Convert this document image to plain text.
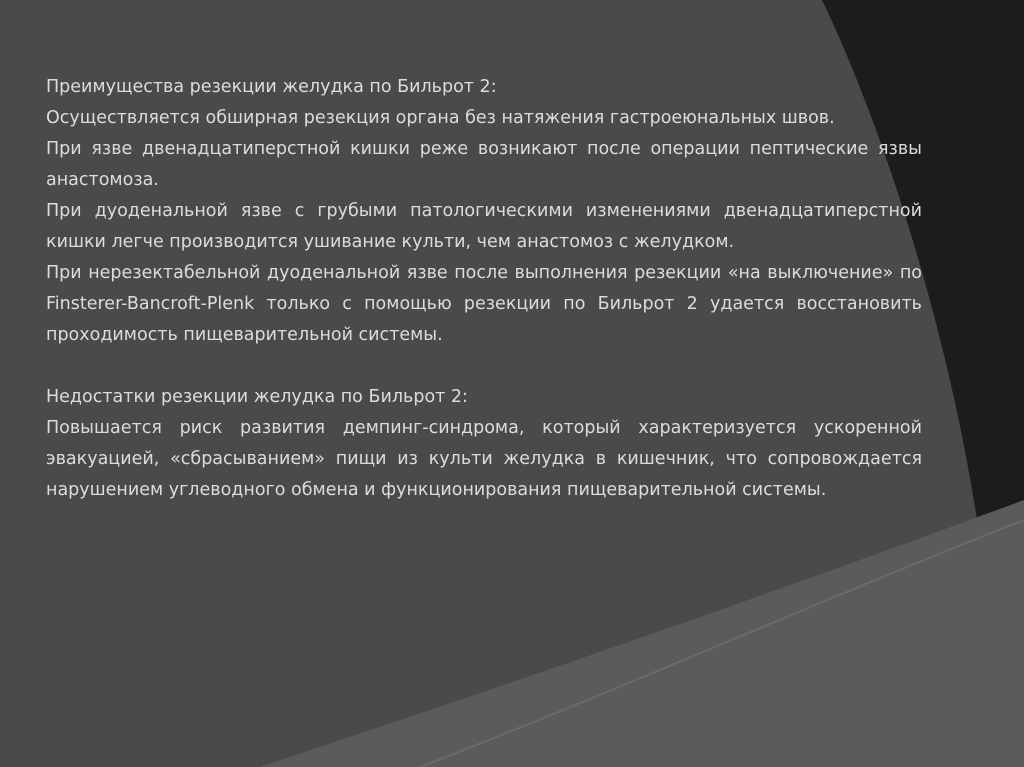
Преимущества резекции желудка по Бильрот 2:

Осуществляется обширная резекция органа без натяжения гастроеюнальных швов.

При язве двенадцатиперстной кишки реже возникают после операции пептические язвы анастомоза.

При дуоденальной язве с грубыми патологическими изменениями двенадцатиперстной кишки легче производится ушивание культи, чем анастомоз с желудком.

При нерезектабельной дуоденальной язве после выполнения резекции «на выключение» по Finsterer-Bancroft-Plenk только с помощью резекции по Бильрот 2 удается восстановить проходимость пищеварительной системы.

Недостатки резекции желудка по Бильрот 2:

Повышается риск развития демпинг-синдрома, который характеризуется ускоренной эвакуацией, «сбрасыванием» пищи из культи желудка в кишечник, что сопровождается нарушением углеводного обмена и функционирования пищеварительной системы.
